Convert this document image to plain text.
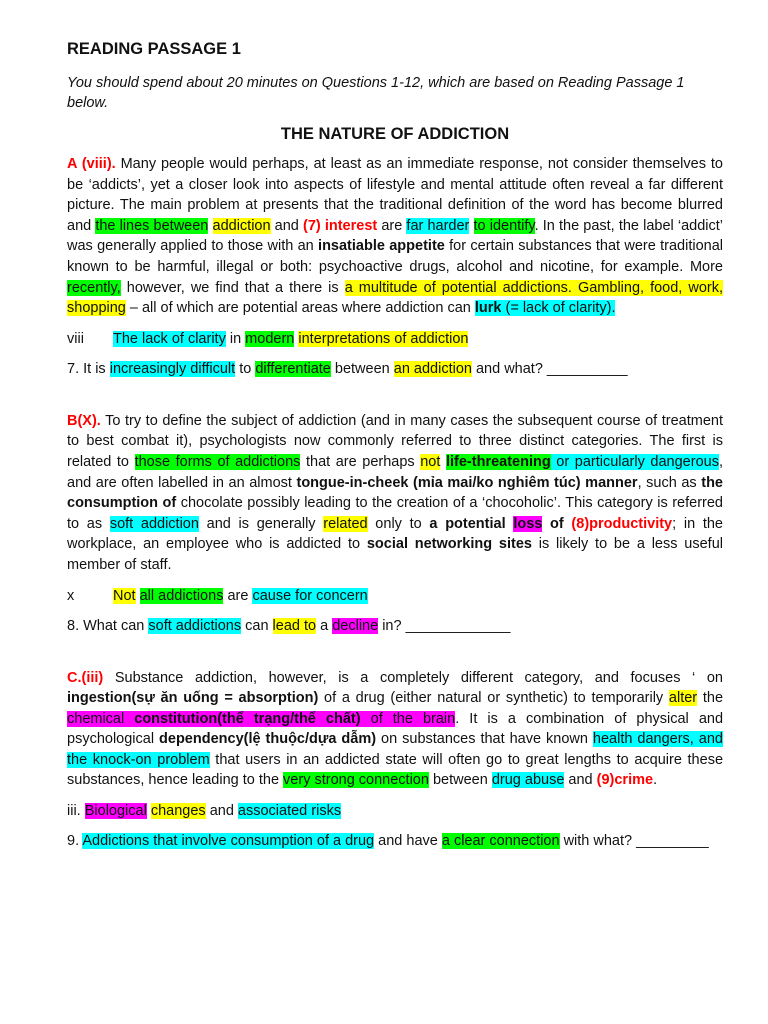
READING PASSAGE 1

You should spend about 20 minutes on Questions 1-12, which are based on Reading Passage 1 below.

THE NATURE OF ADDICTION

A (viii). Many people would perhaps, at least as an immediate response, not consider themselves to be ‘addicts’, yet a closer look into aspects of lifestyle and mental attitude often reveal a far different picture. The main problem at presents that the traditional definition of the word has become blurred and the lines between addiction and (7) interest are far harder to identify. In the past, the label ‘addict’ was generally applied to those with an insatiable appetite for certain substances that were traditional known to be harmful, illegal or both: psychoactive drugs, alcohol and nicotine, for example. More recently, however, we find that a there is a multitude of potential addictions. Gambling, food, work, shopping – all of which are potential areas where addiction can lurk (= lack of clarity).

viii The lack of clarity in modern interpretations of addiction

7. It is increasingly difficult to differentiate between an addiction and what? __________

B(X). To try to define the subject of addiction (and in many cases the subsequent course of treatment to best combat it), psychologists now commonly referred to three distinct categories. The first is related to those forms of addictions that are perhaps not life-threatening or particularly dangerous, and are often labelled in an almost tongue-in-cheek (mỉa mai/ko nghiêm túc) manner, such as the consumption of chocolate possibly leading to the creation of a ‘chocoholic’. This category is referred to as soft addiction and is generally related only to a potential loss of (8)productivity; in the workplace, an employee who is addicted to social networking sites is likely to be a less useful member of staff.

x	Not all addictions are cause for concern

8. What can soft addictions can lead to a decline in? _____________

C.(iii) Substance addiction, however, is a completely different category, and focuses ‘ on ingestion(sự ăn uống = absorption) of a drug (either natural or synthetic) to temporarily alter the chemical constitution(thể trạng/thể chất) of the brain. It is a combination of physical and psychological dependency(lệ thuộc/dựa dẫm) on substances that have known health dangers, and the knock-on problem that users in an addicted state will often go to great lengths to acquire these substances, hence leading to the very strong connection between drug abuse and (9)crime.

iii. Biological changes and associated risks

9. Addictions that involve consumption of a drug and have a clear connection with what? _________
